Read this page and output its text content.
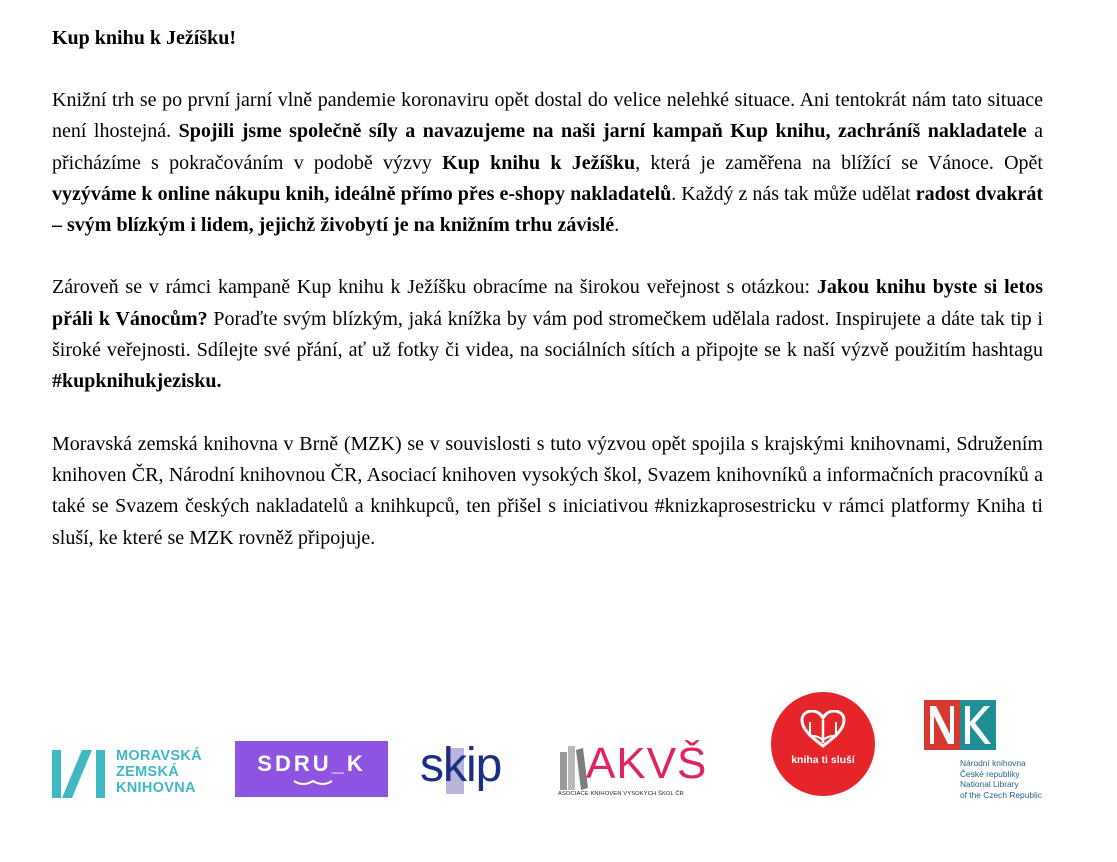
Kup knihu k Ježíšku!
Knižní trh se po první jarní vlně pandemie koronaviru opět dostal do velice nelehké situace. Ani tentokrát nám tato situace není lhostejná. Spojili jsme společně síly a navazujeme na naši jarní kampaň Kup knihu, zachráníš nakladatele a přicházíme s pokračováním v podobě výzvy Kup knihu k Ježíšku, která je zaměřena na blížící se Vánoce. Opět vyzýváme k online nákupu knih, ideálně přímo přes e-shopy nakladatelů. Každý z nás tak může udělat radost dvakrát – svým blízkým i lidem, jejichž živobytí je na knižním trhu závislé.
Zároveň se v rámci kampaně Kup knihu k Ježíšku obracíme na širokou veřejnost s otázkou: Jakou knihu byste si letos přáli k Vánocům? Poraďte svým blízkým, jaká knížka by vám pod stromečkem udělala radost. Inspirujete a dáte tak tip i široké veřejnosti. Sdílejte své přání, ať už fotky či videa, na sociálních sítích a připojte se k naší výzvě použitím hashtagu #kupknihukjezisku.
Moravská zemská knihovna v Brně (MZK) se v souvislosti s tuto výzvou opět spojila s krajskými knihovnami, Sdružením knihoven ČR, Národní knihovnou ČR, Asociací knihoven vysokých škol, Svazem knihovníků a informačních pracovníků a také se Svazem českých nakladatelů a knihkupců, ten přišel s iniciativou #knizkaprosestricku v rámci platformy Kniha ti sluší, ke které se MZK rovněž připojuje.
MORAVSKÁ
ZEMSKÁ
KNIHOVNA
SDRU_K	skip AKVŠ
ASOCIACE KNIHOVEN VYSOKÝCH ŠKOL ČR
kniha ti sluší	Národní knihovna
České republiky
National Library
of the Czech Republic
